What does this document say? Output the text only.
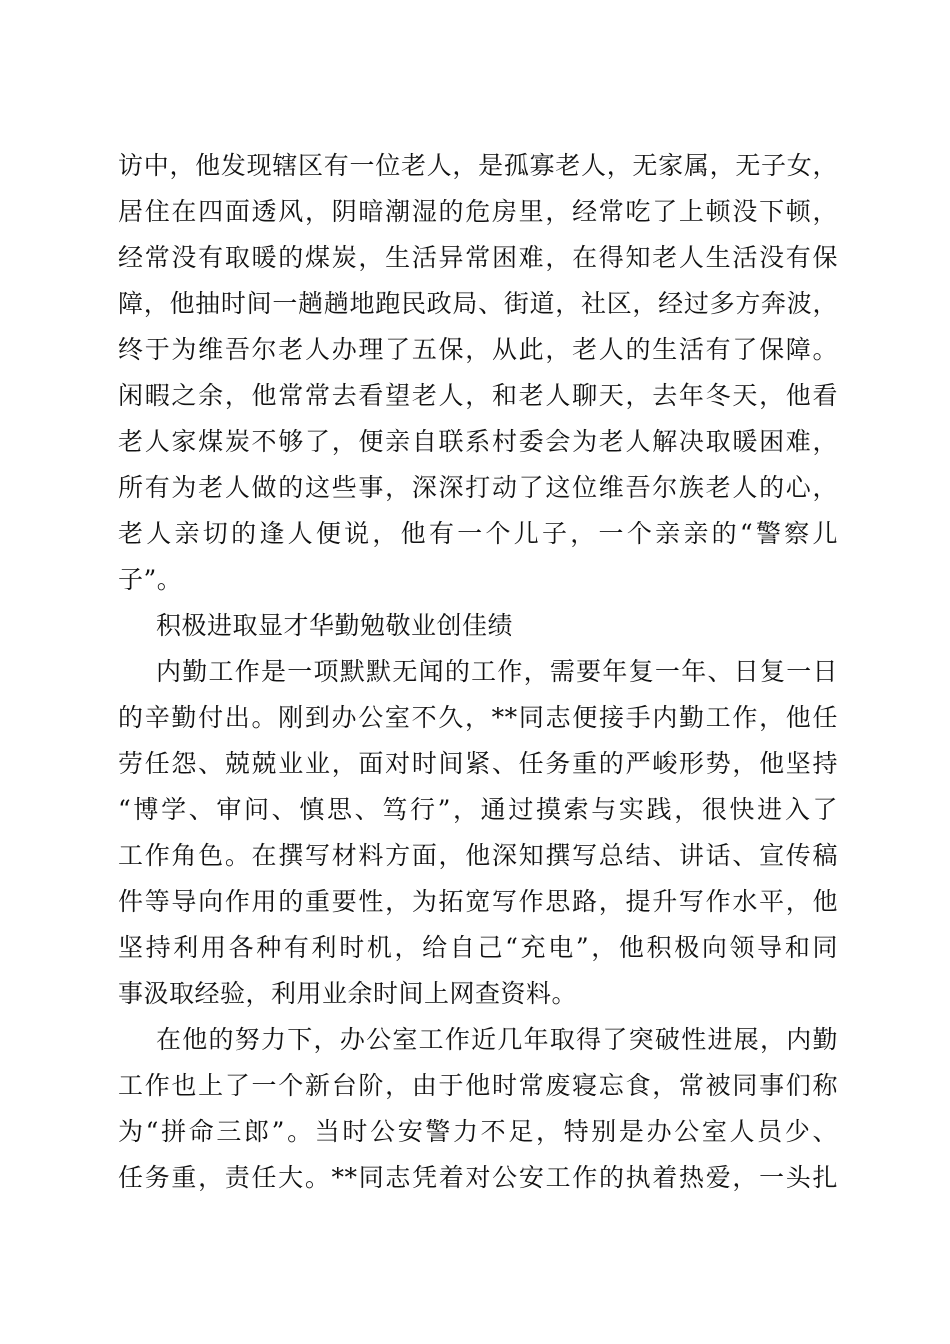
访中，他发现辖区有一位老人，是孤寡老人，无家属，无子女，
居住在四面透风，阴暗潮湿的危房里，经常吃了上顿没下顿，
经常没有取暖的煤炭，生活异常困难，在得知老人生活没有保
障，他抽时间一趟趟地跑民政局、街道，社区，经过多方奔波，
终于为维吾尔老人办理了五保，从此，老人的生活有了保障。
闲暇之余，他常常去看望老人，和老人聊天，去年冬天，他看
老人家煤炭不够了，便亲自联系村委会为老人解决取暖困难，
所有为老人做的这些事，深深打动了这位维吾尔族老人的心，
老人亲切的逢人便说，他有一个儿子，一个亲亲的“警察儿
子”。
积极进取显才华勤勉敬业创佳绩
内勤工作是一项默默无闻的工作，需要年复一年、日复一日
的辛勤付出。刚到办公室不久，**同志便接手内勤工作，他任
劳任怨、兢兢业业，面对时间紧、任务重的严峻形势，他坚持
“博学、审问、慎思、笃行”，通过摸索与实践，很快进入了
工作角色。在撰写材料方面，他深知撰写总结、讲话、宣传稿
件等导向作用的重要性，为拓宽写作思路，提升写作水平，他
坚持利用各种有利时机，给自己“充电”，他积极向领导和同
事汲取经验，利用业余时间上网查资料。
在他的努力下，办公室工作近几年取得了突破性进展，内勤
工作也上了一个新台阶，由于他时常废寝忘食，常被同事们称
为“拼命三郎”。当时公安警力不足，特别是办公室人员少、
任务重，责任大。**同志凭着对公安工作的执着热爱，一头扎
